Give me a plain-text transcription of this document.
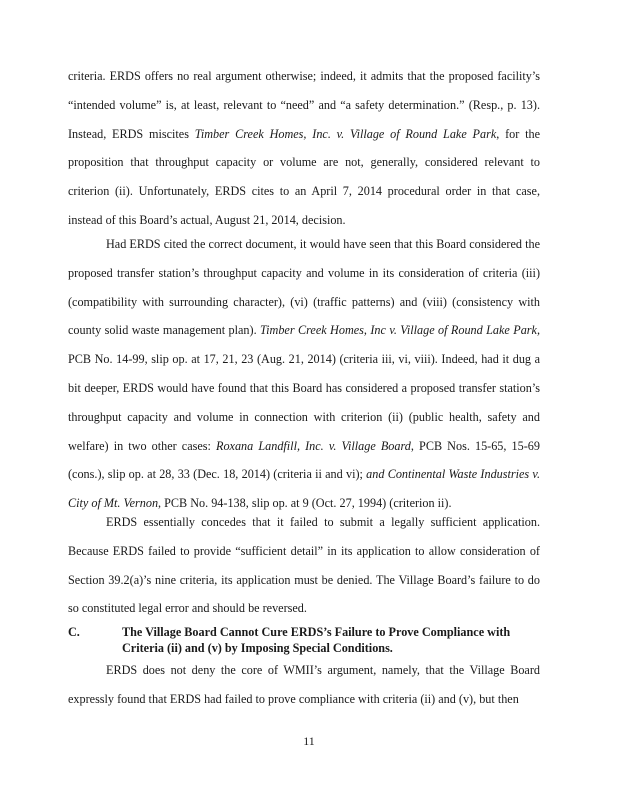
criteria. ERDS offers no real argument otherwise; indeed, it admits that the proposed facility’s “intended volume” is, at least, relevant to “need” and “a safety determination.” (Resp., p. 13). Instead, ERDS miscites Timber Creek Homes, Inc. v. Village of Round Lake Park, for the proposition that throughput capacity or volume are not, generally, considered relevant to criterion (ii). Unfortunately, ERDS cites to an April 7, 2014 procedural order in that case, instead of this Board’s actual, August 21, 2014, decision.

Had ERDS cited the correct document, it would have seen that this Board considered the proposed transfer station’s throughput capacity and volume in its consideration of criteria (iii) (compatibility with surrounding character), (vi) (traffic patterns) and (viii) (consistency with county solid waste management plan). Timber Creek Homes, Inc v. Village of Round Lake Park, PCB No. 14-99, slip op. at 17, 21, 23 (Aug. 21, 2014) (criteria iii, vi, viii). Indeed, had it dug a bit deeper, ERDS would have found that this Board has considered a proposed transfer station’s throughput capacity and volume in connection with criterion (ii) (public health, safety and welfare) in two other cases: Roxana Landfill, Inc. v. Village Board, PCB Nos. 15-65, 15-69 (cons.), slip op. at 28, 33 (Dec. 18, 2014) (criteria ii and vi); and Continental Waste Industries v. City of Mt. Vernon, PCB No. 94-138, slip op. at 9 (Oct. 27, 1994) (criterion ii).

ERDS essentially concedes that it failed to submit a legally sufficient application. Because ERDS failed to provide “sufficient detail” in its application to allow consideration of Section 39.2(a)’s nine criteria, its application must be denied. The Village Board’s failure to do so constituted legal error and should be reversed.

C.	The Village Board Cannot Cure ERDS’s Failure to Prove Compliance with Criteria (ii) and (v) by Imposing Special Conditions.

ERDS does not deny the core of WMII’s argument, namely, that the Village Board expressly found that ERDS had failed to prove compliance with criteria (ii) and (v), but then

11
